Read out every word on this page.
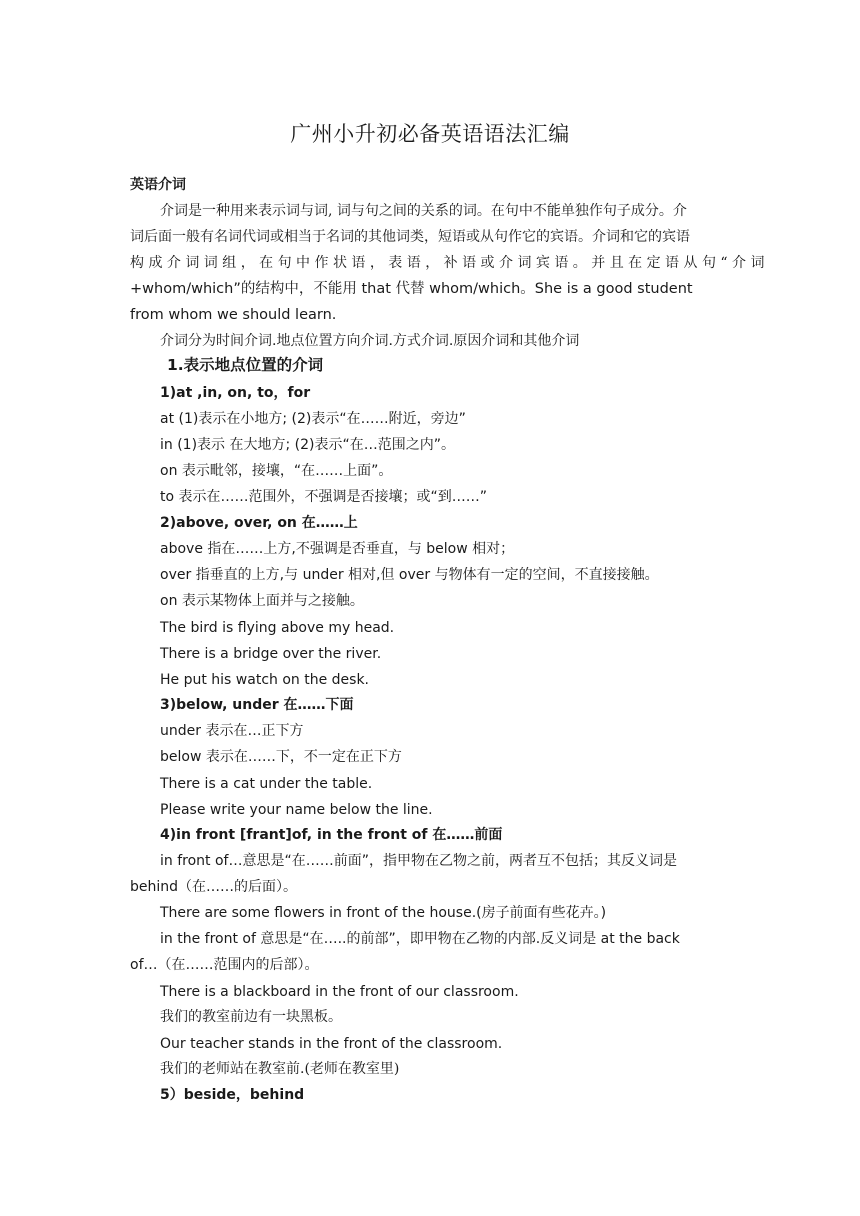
广州小升初必备英语语法汇编
英语介词
介词是一种用来表示词与词, 词与句之间的关系的词。在句中不能单独作句子成分。介
词后面一般有名词代词或相当于名词的其他词类，短语或从句作它的宾语。介词和它的宾语
构 成 介 词 词 组 ， 在 句 中 作 状 语 ， 表 语 ， 补 语 或 介 词 宾 语 。 并 且 在 定 语 从 句 “ 介 词
+whom/which”的结构中，不能用 that 代替 whom/which。She is a good student
from whom we should learn.
介词分为时间介词.地点位置方向介词.方式介词.原因介词和其他介词
1.表示地点位置的介词
1)at ,in, on, to，for
at (1)表示在小地方; (2)表示“在……附近，旁边”
in (1)表示 在大地方; (2)表示“在…范围之内”。
on 表示毗邻，接壤，“在……上面”。
to 表示在……范围外，不强调是否接壤；或“到……”
2)above, over, on 在……上
above 指在……上方,不强调是否垂直，与 below 相对；
over 指垂直的上方,与 under 相对,但 over 与物体有一定的空间，不直接接触。
on 表示某物体上面并与之接触。
The bird is flying above my head.
There is a bridge over the river.
He put his watch on the desk.
3)below, under 在……下面
under 表示在…正下方
below 表示在……下，不一定在正下方
There is a cat under the table.
Please write your name below the line.
4)in front [frant]of, in the front of 在……前面
in front of…意思是“在……前面”，指甲物在乙物之前，两者互不包括；其反义词是
behind（在……的后面）。
There are some flowers in front of the house.(房子前面有些花卉。)
in the front of 意思是“在…..的前部”，即甲物在乙物的内部.反义词是 at the back
of…（在……范围内的后部）。
There is a blackboard in the front of our classroom.
我们的教室前边有一块黑板。
Our teacher stands in the front of the classroom.
我们的老师站在教室前.(老师在教室里)
5）beside，behind
